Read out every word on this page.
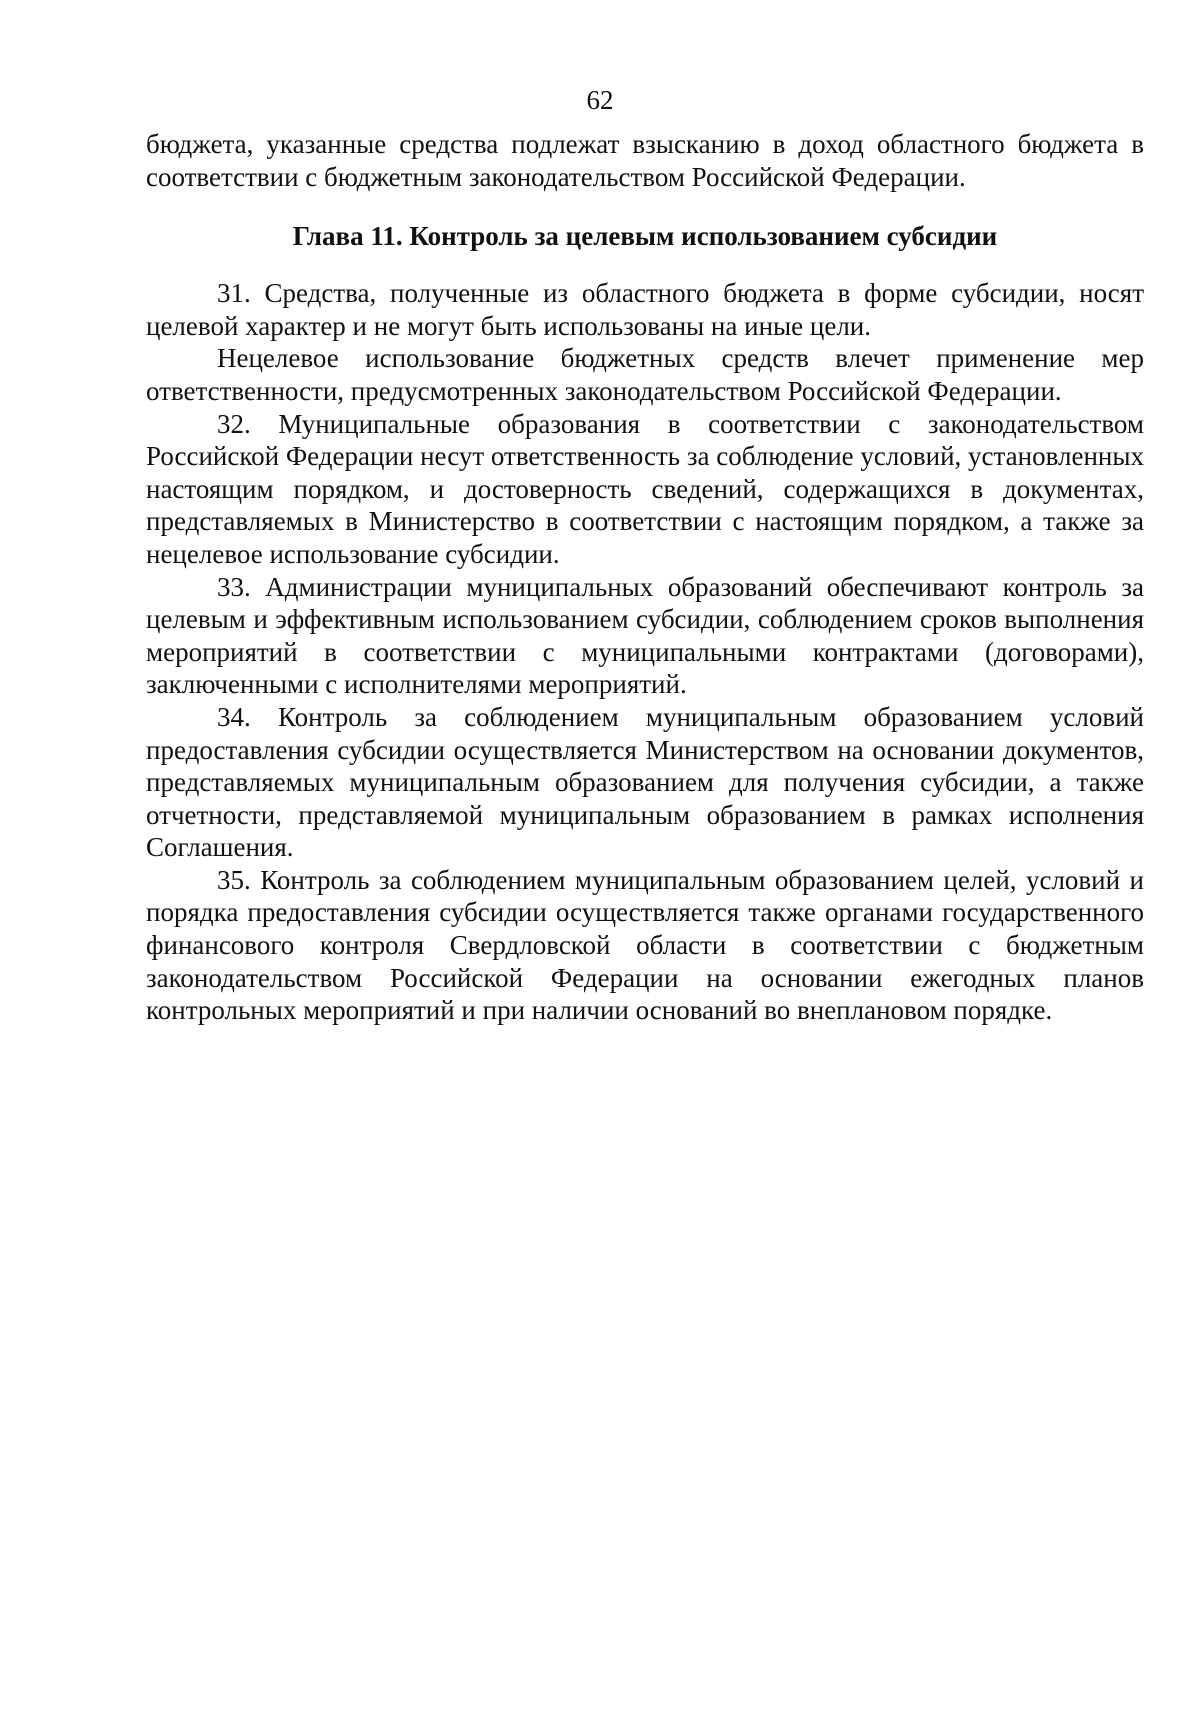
62

бюджета, указанные средства подлежат взысканию в доход областного бюджета в соответствии с бюджетным законодательством Российской Федерации.

Глава 11. Контроль за целевым использованием субсидии

31. Средства, полученные из областного бюджета в форме субсидии, носят целевой характер и не могут быть использованы на иные цели.

Нецелевое использование бюджетных средств влечет применение мер ответственности, предусмотренных законодательством Российской Федерации.

32. Муниципальные образования в соответствии с законодательством Российской Федерации несут ответственность за соблюдение условий, установленных настоящим порядком, и достоверность сведений, содержащихся в документах, представляемых в Министерство в соответствии с настоящим порядком, а также за нецелевое использование субсидии.

33. Администрации муниципальных образований обеспечивают контроль за целевым и эффективным использованием субсидии, соблюдением сроков выполнения мероприятий в соответствии с муниципальными контрактами (договорами), заключенными с исполнителями мероприятий.

34. Контроль за соблюдением муниципальным образованием условий предоставления субсидии осуществляется Министерством на основании документов, представляемых муниципальным образованием для получения субсидии, а также отчетности, представляемой муниципальным образованием в рамках исполнения Соглашения.

35. Контроль за соблюдением муниципальным образованием целей, условий и порядка предоставления субсидии осуществляется также органами государственного финансового контроля Свердловской области в соответствии с бюджетным законодательством Российской Федерации на основании ежегодных планов контрольных мероприятий и при наличии оснований во внеплановом порядке.
